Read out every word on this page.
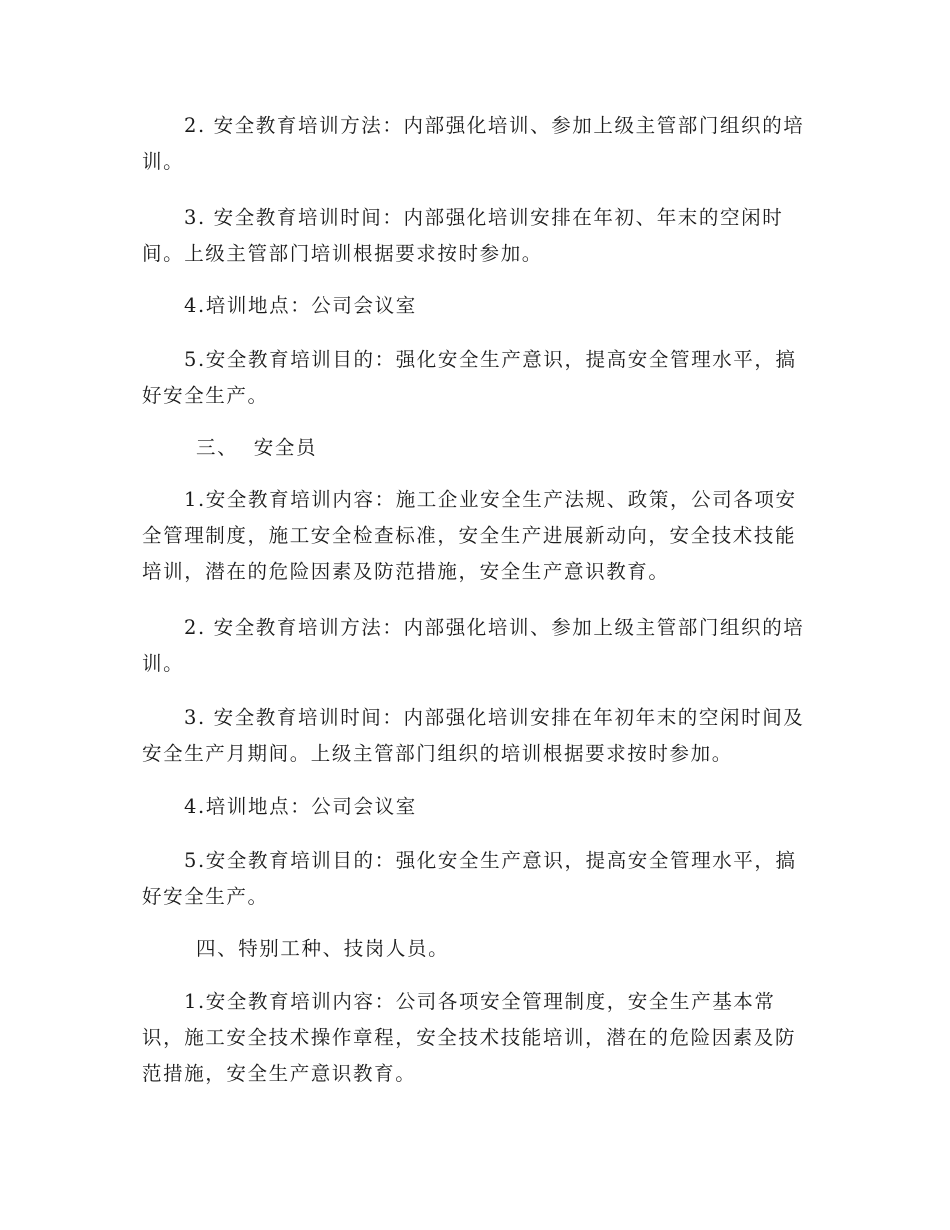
2. 安全教育培训方法：内部强化培训、参加上级主管部门组织的培训。

3. 安全教育培训时间：内部强化培训安排在年初、年末的空闲时间。上级主管部门培训根据要求按时参加。

4.培训地点：公司会议室

5.安全教育培训目的：强化安全生产意识，提高安全管理水平，搞好安全生产。

三、  安全员

1.安全教育培训内容：施工企业安全生产法规、政策，公司各项安全管理制度，施工安全检查标准，安全生产进展新动向，安全技术技能培训，潜在的危险因素及防范措施，安全生产意识教育。

2. 安全教育培训方法：内部强化培训、参加上级主管部门组织的培训。

3. 安全教育培训时间：内部强化培训安排在年初年末的空闲时间及安全生产月期间。上级主管部门组织的培训根据要求按时参加。

4.培训地点：公司会议室

5.安全教育培训目的：强化安全生产意识，提高安全管理水平，搞好安全生产。

四、特别工种、技岗人员。

1.安全教育培训内容：公司各项安全管理制度，安全生产基本常识，施工安全技术操作章程，安全技术技能培训，潜在的危险因素及防范措施，安全生产意识教育。
